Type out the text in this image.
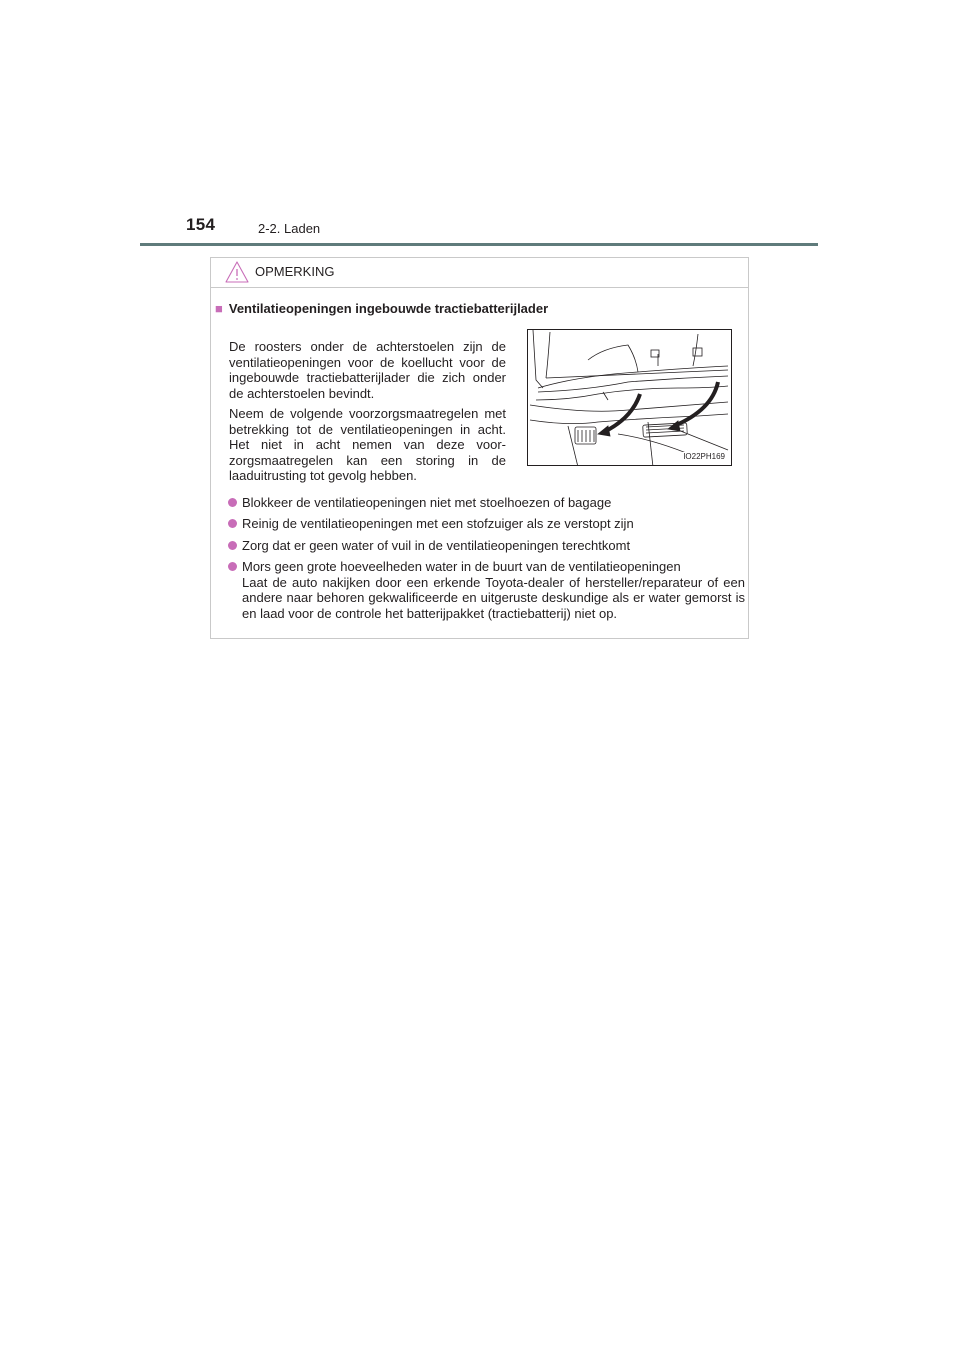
154	2-2. Laden
OPMERKING
■ Ventilatieopeningen ingebouwde tractiebatterijlader

De roosters onder de achterstoelen zijn de ventilatieopeningen voor de koellucht voor de ingebouwde tractiebatterijlader die zich onder de achterstoelen bevindt.

Neem de volgende voorzorgsmaatregelen met betrekking tot de ventilatieopeningen in acht. Het niet in acht nemen van deze voor-zorgsmaatregelen kan een storing in de laaduitrusting tot gevolg hebben.

IO22PH169
Blokkeer de ventilatieopeningen niet met stoelhoezen of bagage
Reinig de ventilatieopeningen met een stofzuiger als ze verstopt zijn
Zorg dat er geen water of vuil in de ventilatieopeningen terechtkomt
Mors geen grote hoeveelheden water in de buurt van de ventilatieopeningen
Laat de auto nakijken door een erkende Toyota-dealer of hersteller/reparateur of een andere naar behoren gekwalificeerde en uitgeruste deskundige als er water gemorst is en laad voor de controle het batterijpakket (tractiebatterij) niet op.
